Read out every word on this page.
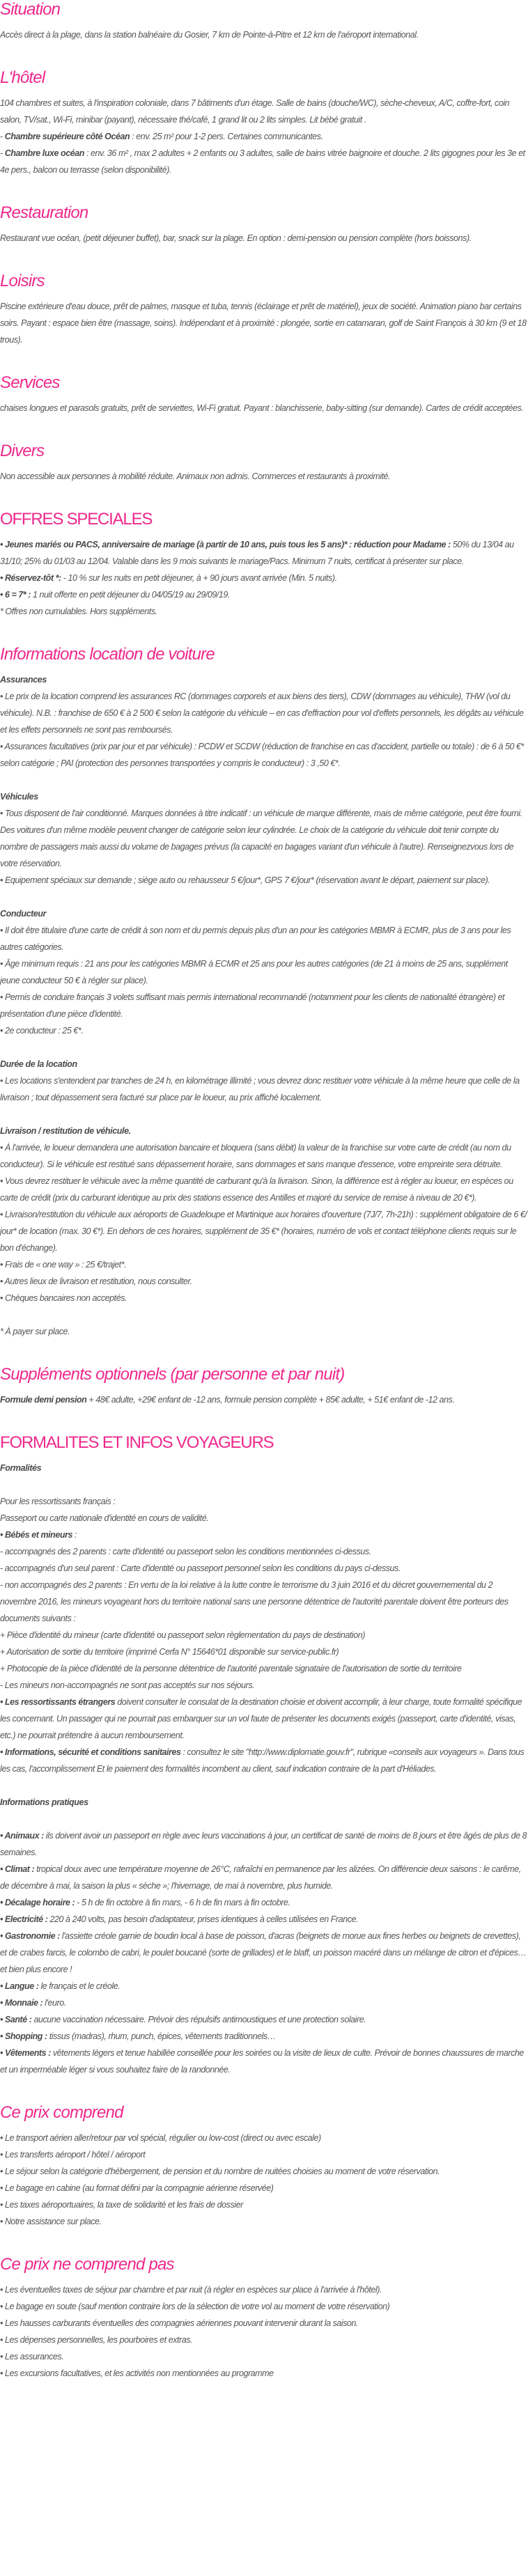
Situation

Accès direct à la plage, dans la station balnéaire du Gosier, 7 km de Pointe-à-Pitre et 12 km de l'aéroport international.

L'hôtel

104 chambres et suites, à l'inspiration coloniale, dans 7 bâtiments d'un étage. Salle de bains (douche/WC), sèche-cheveux, A/C, coffre-fort, coin salon, TV/sat., Wi-Fi, minibar (payant), nécessaire thé/café, 1 grand lit ou 2 lits simples. Lit bébé gratuit .

- Chambre supérieure côté Océan : env. 25 m² pour 1-2 pers. Certaines communicantes.

- Chambre luxe océan : env. 36 m² , max 2 adultes + 2 enfants ou 3 adultes, salle de bains vitrée baignoire et douche. 2 lits gigognes pour les 3e et 4e pers., balcon ou terrasse (selon disponibilité).

Restauration

Restaurant vue océan, (petit déjeuner buffet), bar, snack sur la plage. En option : demi-pension ou pension complète (hors boissons).

Loisirs

Piscine extérieure d'eau douce, prêt de palmes, masque et tuba, tennis (éclairage et prêt de matériel), jeux de société. Animation piano bar certains soirs. Payant : espace bien être (massage, soins). Indépendant et à proximité : plongée, sortie en catamaran, golf de Saint François à 30 km (9 et 18 trous).

Services

chaises longues et parasols gratuits, prêt de serviettes, Wi-Fi gratuit. Payant : blanchisserie, baby-sitting (sur demande). Cartes de crédit acceptées.

Divers

Non accessible aux personnes à mobilité réduite. Animaux non admis. Commerces et restaurants à proximité.

OFFRES SPECIALES

• Jeunes mariés ou PACS, anniversaire de mariage (à partir de 10 ans, puis tous les 5 ans)* : réduction pour Madame : 50% du 13/04 au 31/10; 25% du 01/03 au 12/04. Valable dans les 9 mois suivants le mariage/Pacs. Minimum 7 nuits, certificat à présenter sur place.

• Réservez-tôt *: - 10 % sur les nuits en petit déjeuner, à + 90 jours avant arrivée (Min. 5 nuits).

• 6 = 7* : 1 nuit offerte en petit déjeuner du 04/05/19 au 29/09/19.

* Offres non cumulables. Hors suppléments.

Informations location de voiture
Assurances

• Le prix de la location comprend les assurances RC (dommages corporels et aux biens des tiers), CDW (dommages au véhicule), THW (vol du véhicule). N.B. : franchise de 650 € à 2 500 € selon la catégorie du véhicule – en cas d'effraction pour vol d'effets personnels, les dégâts au véhicule et les effets personnels ne sont pas remboursés.

• Assurances facultatives (prix par jour et par véhicule) : PCDW et SCDW (réduction de franchise en cas d'accident, partielle ou totale) : de 6 à 50 €* selon catégorie ; PAI (protection des personnes transportées y compris le conducteur) : 3 ,50 €*.

Véhicules

• Tous disposent de l'air conditionné. Marques données à titre indicatif : un véhicule de marque différente, mais de même catégorie, peut être fourni. Des voitures d'un même modèle peuvent changer de catégorie selon leur cylindrée. Le choix de la catégorie du véhicule doit tenir compte du nombre de passagers mais aussi du volume de bagages prévus (la capacité en bagages variant d'un véhicule à l'autre). Renseignezvous lors de votre réservation.

• Equipement spéciaux sur demande ; siège auto ou rehausseur 5 €/jour*, GPS 7 €/jour* (réservation avant le départ, paiement sur place).

Conducteur

• Il doit être titulaire d'une carte de crédit à son nom et du permis depuis plus d'un an pour les catégories MBMR à ECMR, plus de 3 ans pour les autres catégories.

• Âge minimum requis : 21 ans pour les catégories MBMR à ECMR et 25 ans pour les autres catégories (de 21 à moins de 25 ans, supplément jeune conducteur 50 € à régler sur place).

• Permis de conduire français 3 volets suffisant mais permis international recommandé (notamment pour les clients de nationalité étrangère) et présentation d'une pièce d'identité.

• 2e conducteur : 25 €*.

Durée de la location

• Les locations s'entendent par tranches de 24 h, en kilométrage illimité ; vous devrez donc restituer votre véhicule à la même heure que celle de la livraison ; tout dépassement sera facturé sur place par le loueur, au prix affiché localement.

Livraison / restitution de véhicule.

• À l'arrivée, le loueur demandera une autorisation bancaire et bloquera (sans débit) la valeur de la franchise sur votre carte de crédit (au nom du conducteur). Si le véhicule est restitué sans dépassement horaire, sans dommages et sans manque d'essence, votre empreinte sera détruite.

• Vous devrez restituer le véhicule avec la même quantité de carburant qu'à la livraison. Sinon, la différence est à régler au loueur, en espèces ou carte de crédit (prix du carburant identique au prix des stations essence des Antilles et majoré du service de remise à niveau de 20 €*).

• Livraison/restitution du véhicule aux aéroports de Guadeloupe et Martinique aux horaires d'ouverture (7J/7, 7h-21h) : supplément obligatoire de 6 €/ jour* de location (max. 30 €*). En dehors de ces horaires, supplément de 35 €* (horaires, numéro de vols et contact téléphone clients requis sur le bon d'échange).

• Frais de « one way » : 25 €/trajet*.

• Autres lieux de livraison et restitution, nous consulter.

• Chèques bancaires non acceptés.

* À payer sur place.

Suppléments optionnels (par personne et par nuit)

Formule demi pension + 48€ adulte, +29€ enfant de -12 ans, formule pension complète + 85€ adulte, + 51€ enfant de -12 ans.

FORMALITES ET INFOS VOYAGEURS
Formalités

Pour les ressortissants français :

Passeport ou carte nationale d'identité en cours de validité.

• Bébés et mineurs :

- accompagnés des 2 parents : carte d'identité ou passeport selon les conditions mentionnées ci-dessus.

- accompagnés d'un seul parent : Carte d'identité ou passeport personnel selon les conditions du pays ci-dessus.

- non accompagnés des 2 parents : En vertu de la loi relative à la lutte contre le terrorisme du 3 juin 2016 et du décret gouvernemental du 2 novembre 2016, les mineurs voyageant hors du territoire national sans une personne détentrice de l'autorité parentale doivent être porteurs des documents suivants :

+ Pièce d'identité du mineur (carte d'identité ou passeport selon règlementation du pays de destination)

+ Autorisation de sortie du territoire (imprimé Cerfa N° 15646*01 disponible sur service-public.fr)

+ Photocopie de la pièce d'identité de la personne détentrice de l'autorité parentale signataire de l'autorisation de sortie du territoire

- Les mineurs non-accompagnés ne sont pas acceptés sur nos séjours.

• Les ressortissants étrangers doivent consulter le consulat de la destination choisie et doivent accomplir, à leur charge, toute formalité spécifique les concernant. Un passager qui ne pourrait pas embarquer sur un vol faute de présenter les documents exigés (passeport, carte d'identité, visas, etc.) ne pourrait prétendre à aucun remboursement.

• Informations, sécurité et conditions sanitaires : consultez le site "http://www.diplomatie.gouv.fr", rubrique «conseils aux voyageurs ». Dans tous les cas, l'accomplissement Et le paiement des formalités incombent au client, sauf indication contraire de la part d'Héliades.

Informations pratiques

• Animaux : ils doivent avoir un passeport en règle avec leurs vaccinations à jour, un certificat de santé de moins de 8 jours et être âgés de plus de 8 semaines.

• Climat : tropical doux avec une température moyenne de 26°C, rafraîchi en permanence par les alizées. On différencie deux saisons : le carême, de décembre à mai, la saison la plus « sèche »; l'hivernage, de mai à novembre, plus humide.

• Décalage horaire : - 5 h de fin octobre à fin mars, - 6 h de fin mars à fin octobre.

• Electricité : 220 à 240 volts, pas besoin d'adaptateur, prises identiques à celles utilisées en France.

• Gastronomie : l'assiette créole garnie de boudin local à base de poisson, d'acras (beignets de morue aux fines herbes ou beignets de crevettes), et de crabes farcis, le colombo de cabri, le poulet boucané (sorte de grillades) et le blaff, un poisson macéré dans un mélange de citron et d'épices… et bien plus encore !

• Langue : le français et le créole.

• Monnaie : l'euro.

• Santé : aucune vaccination nécessaire. Prévoir des répulsifs antimoustiques et une protection solaire.

• Shopping : tissus (madras), rhum, punch, épices, vêtements traditionnels…

• Vêtements : vêtements légers et tenue habillée conseillée pour les soirées ou la visite de lieux de culte. Prévoir de bonnes chaussures de marche et un imperméable léger si vous souhaitez faire de la randonnée.

Ce prix comprend

• Le transport aérien aller/retour par vol spécial, régulier ou low-cost (direct ou avec escale)

• Les transferts aéroport / hôtel / aéroport

• Le séjour selon la catégorie d'hébergement, de pension et du nombre de nuitées choisies au moment de votre réservation.

• Le bagage en cabine (au format défini par la compagnie aérienne réservée)

• Les taxes aéroportuaires, la taxe de solidarité et les frais de dossier

• Notre assistance sur place.

Ce prix ne comprend pas

• Les éventuelles taxes de séjour par chambre et par nuit (à régler en espèces sur place à l'arrivée à l'hôtel).

• Le bagage en soute (sauf mention contraire lors de la sélection de votre vol au moment de votre réservation)

• Les hausses carburants éventuelles des compagnies aériennes pouvant intervenir durant la saison.

• Les dépenses personnelles, les pourboires et extras.

• Les assurances.

• Les excursions facultatives, et les activités non mentionnées au programme
